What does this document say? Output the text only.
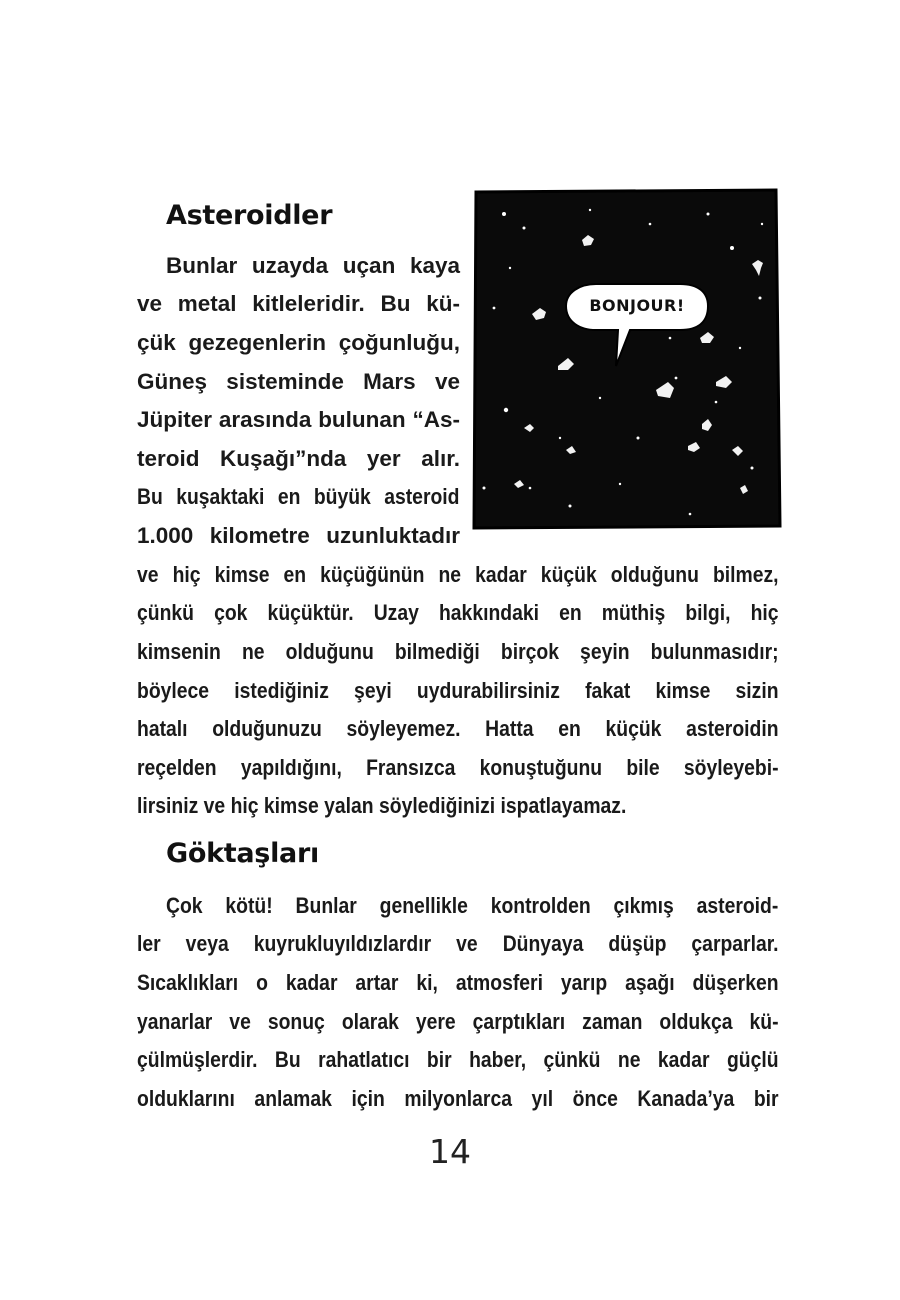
Asteroidler
Bunlar uzayda uçan kaya
ve metal kitleleridir. Bu kü-
çük gezegenlerin çoğunluğu,
Güneş sisteminde Mars ve
Jüpiter arasında bulunan “As-
teroid Kuşağı”nda yer alır.
Bu kuşaktaki en büyük asteroid
1.000 kilometre uzunluktadır
ve hiç kimse en küçüğünün ne kadar küçük olduğunu bilmez,
çünkü çok küçüktür. Uzay hakkındaki en müthiş bilgi, hiç
kimsenin ne olduğunu bilmediği birçok şeyin bulunmasıdır;
böylece istediğiniz şeyi uydurabilirsiniz fakat kimse sizin
hatalı olduğunuzu söyleyemez. Hatta en küçük asteroidin
reçelden yapıldığını, Fransızca konuştuğunu bile söyleyebi-
lirsiniz ve hiç kimse yalan söylediğinizi ispatlayamaz.
BONJOUR!
Göktaşları
Çok kötü! Bunlar genellikle kontrolden çıkmış asteroid-
ler veya kuyrukluyıldızlardır ve Dünyaya düşüp çarparlar.
Sıcaklıkları o kadar artar ki, atmosferi yarıp aşağı düşerken
yanarlar ve sonuç olarak yere çarptıkları zaman oldukça kü-
çülmüşlerdir. Bu rahatlatıcı bir haber, çünkü ne kadar güçlü
olduklarını anlamak için milyonlarca yıl önce Kanada’ya bir
14
